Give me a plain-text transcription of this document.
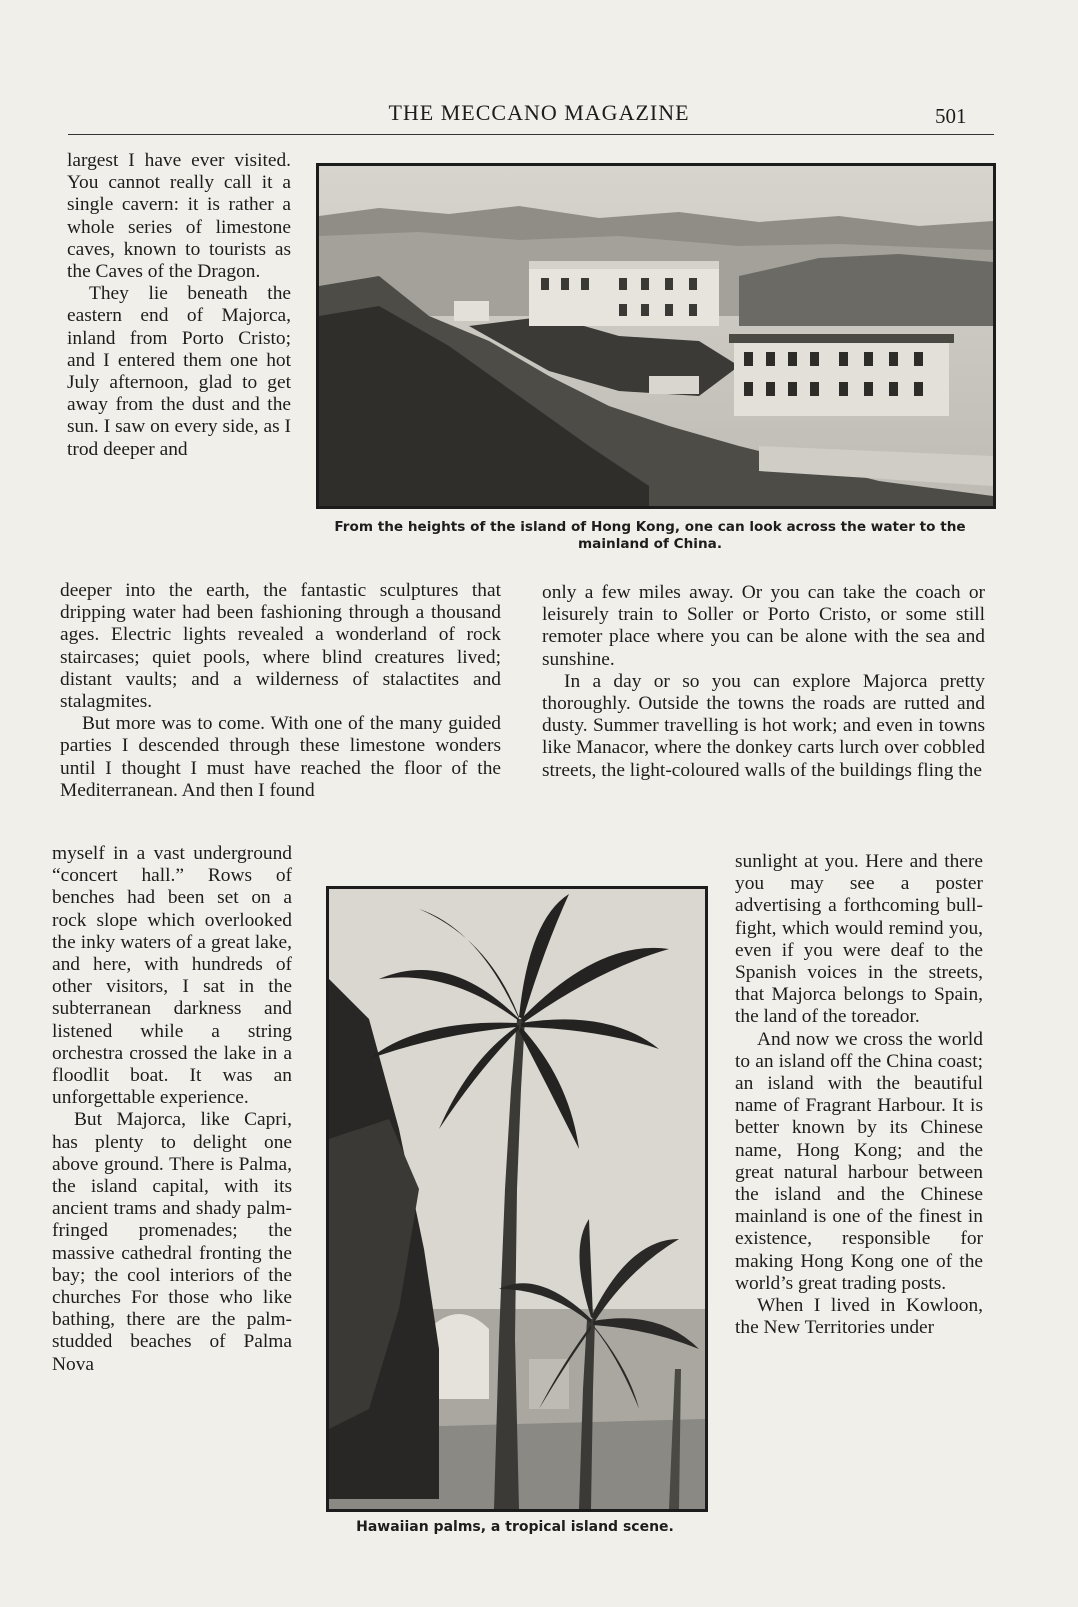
THE MECCANO MAGAZINE	501

largest I have ever visited. You cannot really call it a single cavern: it is rather a whole series of limestone caves, known to tourists as the Caves of the Dragon.

They lie beneath the eastern end of Majorca, inland from Porto Cristo; and I entered them one hot July afternoon, glad to get away from the dust and the sun. I saw on every side, as I trod deeper and

From the heights of the island of Hong Kong, one can look across the water to the mainland of China.

deeper into the earth, the fantastic sculptures that dripping water had been fashioning through a thousand ages. Electric lights revealed a wonderland of rock staircases; quiet pools, where blind creatures lived; distant vaults; and a wilderness of stalactites and stalagmites.

But more was to come. With one of the many guided parties I descended through these limestone wonders until I thought I must have reached the floor of the Mediterranean. And then I found

myself in a vast underground “concert hall.” Rows of benches had been set on a rock slope which overlooked the inky waters of a great lake, and here, with hundreds of other visitors, I sat in the subterranean darkness and listened while a string orchestra crossed the lake in a floodlit boat. It was an unforgettable experience.

But Majorca, like Capri, has plenty to delight one above ground. There is Palma, the island capital, with its ancient trams and shady palm-fringed promenades; the massive cathedral fronting the bay; the cool interiors of the churches For those who like bathing, there are the palm-studded beaches of Palma Nova

only a few miles away. Or you can take the coach or leisurely train to Soller or Porto Cristo, or some still remoter place where you can be alone with the sea and sunshine.

In a day or so you can explore Majorca pretty thoroughly. Outside the towns the roads are rutted and dusty. Summer travelling is hot work; and even in towns like Manacor, where the donkey carts lurch over cobbled streets, the light-coloured walls of the buildings fling the

Hawaiian palms, a tropical island scene.

sunlight at you. Here and there you may see a poster advertising a forthcoming bull-fight, which would remind you, even if you were deaf to the Spanish voices in the streets, that Majorca belongs to Spain, the land of the toreador.

And now we cross the world to an island off the China coast; an island with the beautiful name of Fragrant Harbour. It is better known by its Chinese name, Hong Kong; and the great natural harbour between the island and the Chinese mainland is one of the finest in existence, responsible for making Hong Kong one of the world’s great trading posts.

When I lived in Kowloon, the New Territories under
